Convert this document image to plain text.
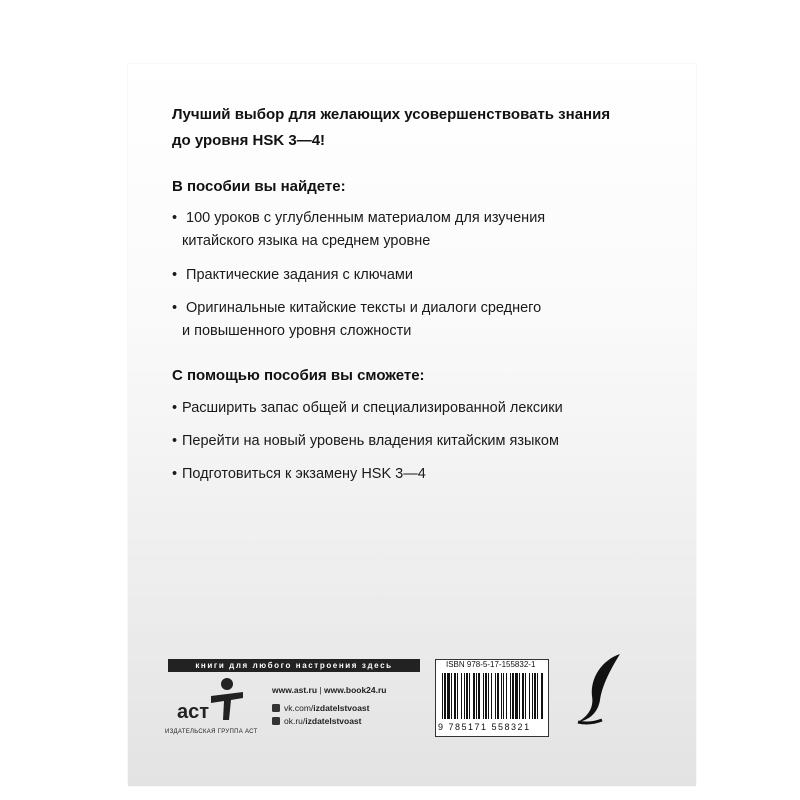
Лучший выбор для желающих усовершенствовать знания
до уровня HSK 3—4!
В пособии вы найдете:
• 100 уроков с углубленным материалом для изучения
китайского языка на среднем уровне
• Практические задания с ключами
• Оригинальные китайские тексты и диалоги среднего
и повышенного уровня сложности
С помощью пособия вы сможете:
• Расширить запас общей и специализированной лексики
• Перейти на новый уровень владения китайским языком
• Подготовиться к экзамену HSK 3—4
книги для любого настроения здесь
аст
ИЗДАТЕЛЬСКАЯ ГРУППА АСТ
www.ast.ru | www.book24.ru
vk.com/izdatelstvoast
ok.ru/izdatelstvoast
ISBN 978-5-17-155832-1
9 785171 558321
